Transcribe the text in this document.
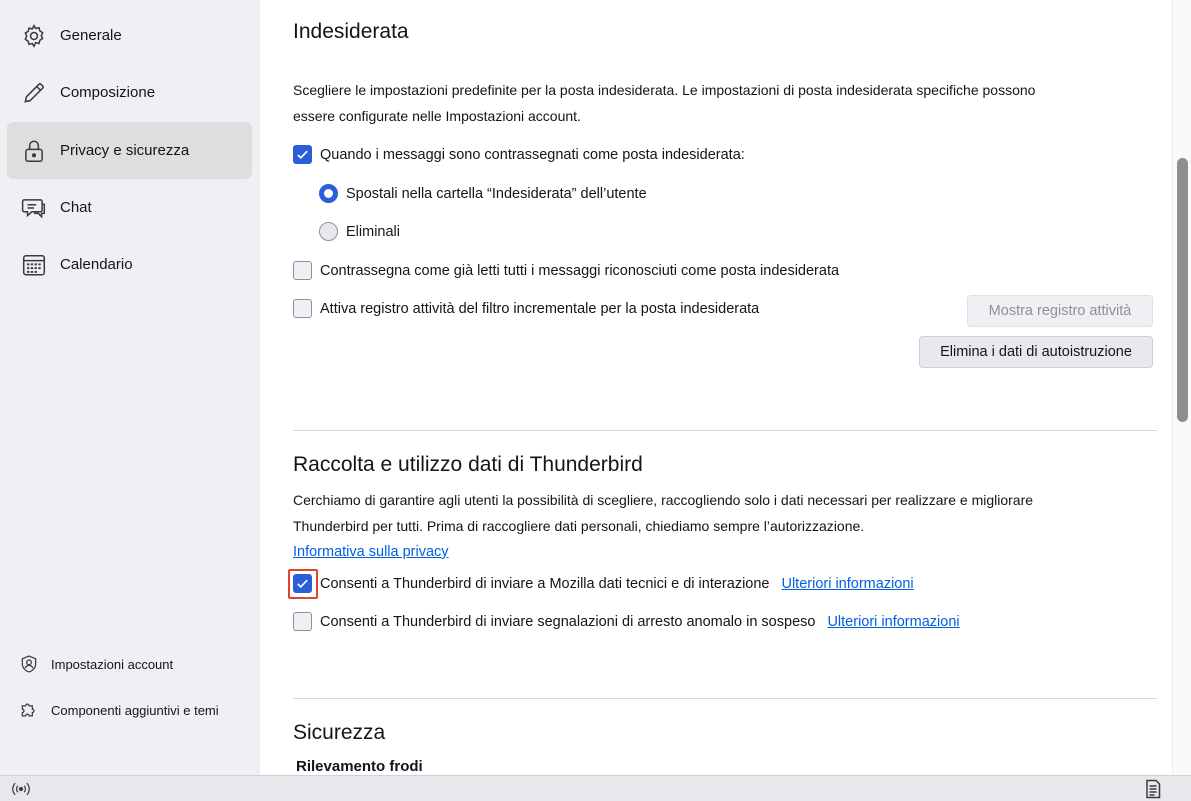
Generale
Composizione
Privacy e sicurezza
Chat
Calendario
Impostazioni account
Componenti aggiuntivi e temi
Indesiderata

Scegliere le impostazioni predefinite per la posta indesiderata. Le impostazioni di posta indesiderata specifiche possono
essere configurate nelle Impostazioni account.

Quando i messaggi sono contrassegnati come posta indesiderata:
Spostali nella cartella “Indesiderata” dell’utente
Eliminali
Contrassegna come già letti tutti i messaggi riconosciuti come posta indesiderata
Attiva registro attività del filtro incrementale per la posta indesiderata	Mostra registro attività
Elimina i dati di autoistruzione
Raccolta e utilizzo dati di Thunderbird

Cerchiamo di garantire agli utenti la possibilità di scegliere, raccogliendo solo i dati necessari per realizzare e migliorare
Thunderbird per tutti. Prima di raccogliere dati personali, chiediamo sempre l’autorizzazione.

Informativa sulla privacy
Consenti a Thunderbird di inviare a Mozilla dati tecnici e di interazione Ulteriori informazioni
Consenti a Thunderbird di inviare segnalazioni di arresto anomalo in sospeso Ulteriori informazioni
Sicurezza
Rilevamento frodi
